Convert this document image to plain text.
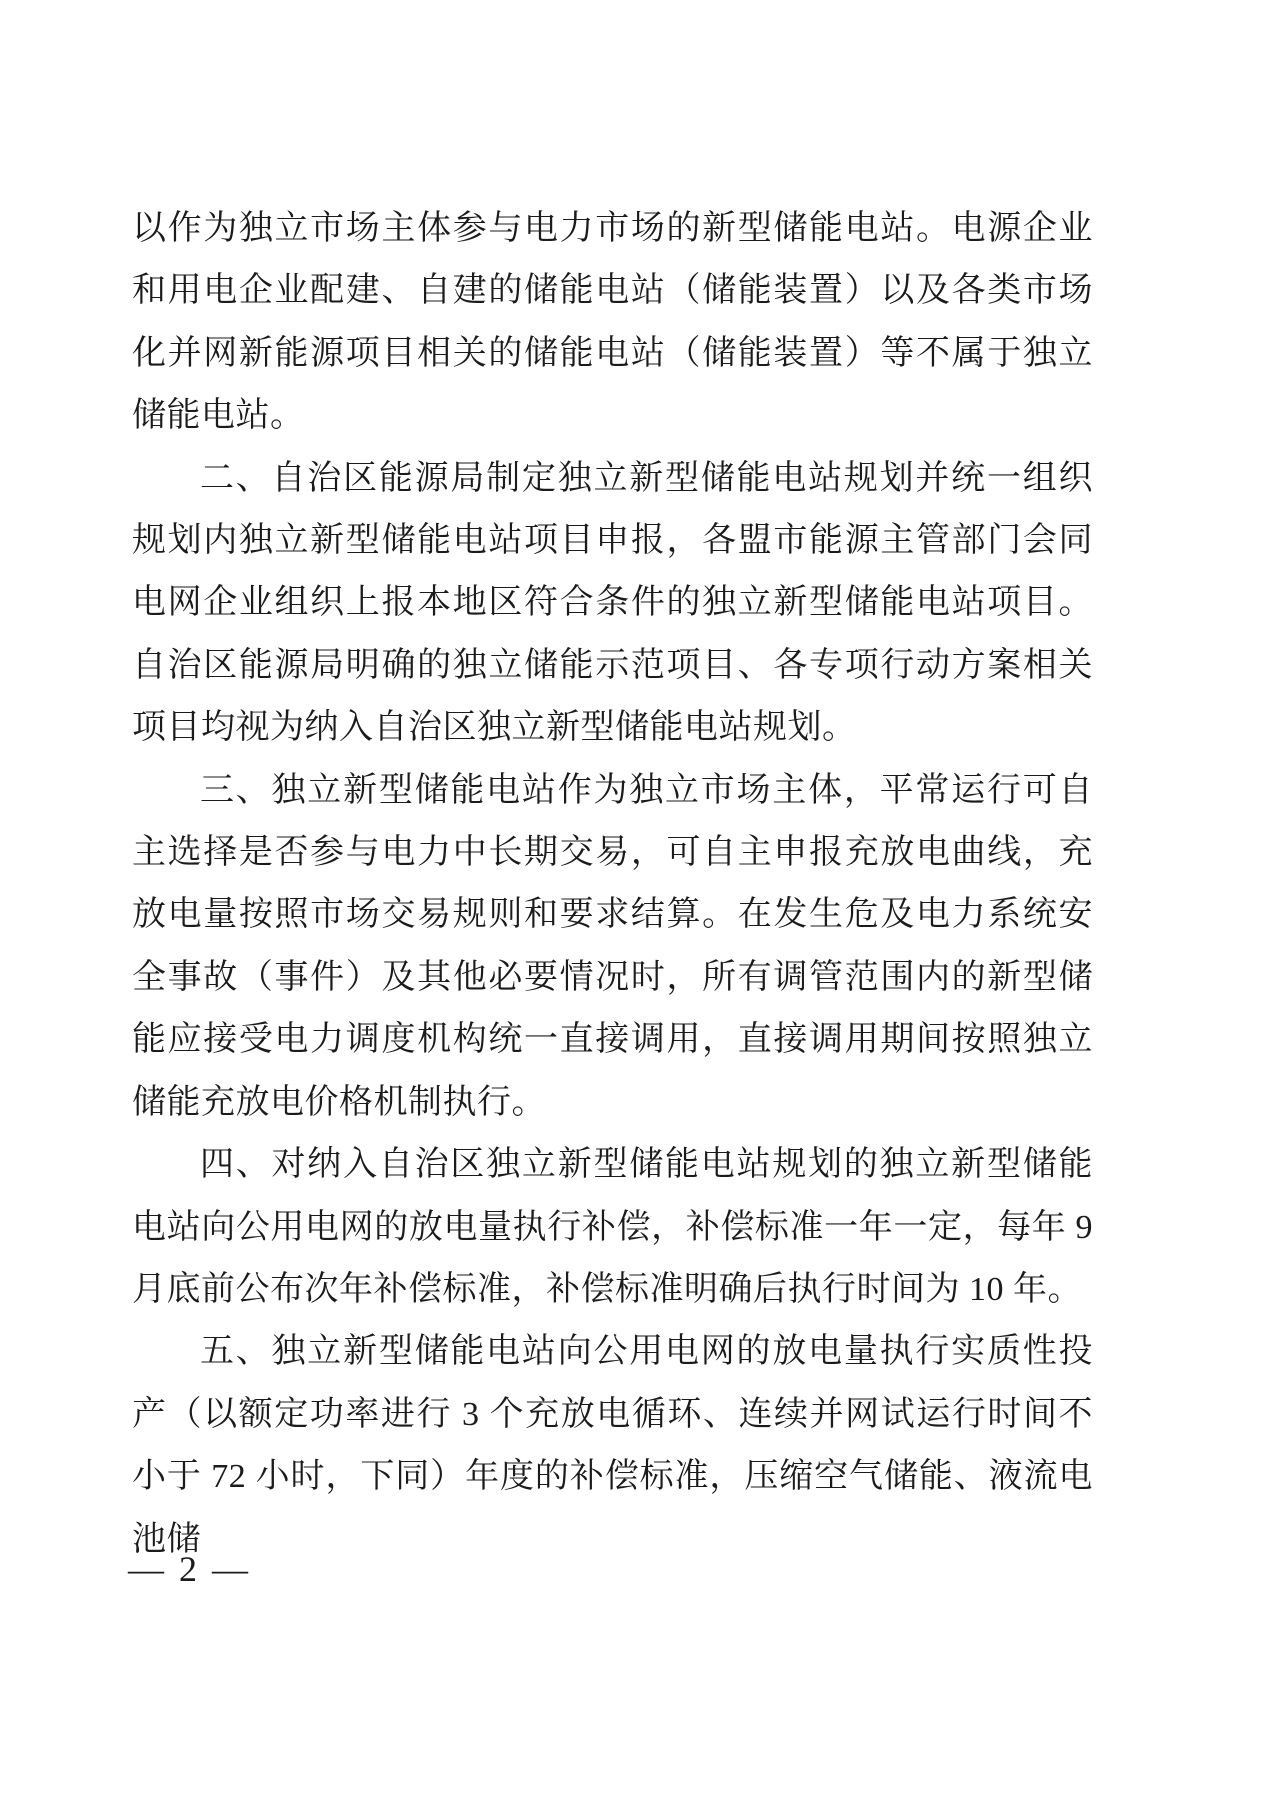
以作为独立市场主体参与电力市场的新型储能电站。电源企业和用电企业配建、自建的储能电站（储能装置）以及各类市场化并网新能源项目相关的储能电站（储能装置）等不属于独立储能电站。

二、自治区能源局制定独立新型储能电站规划并统一组织规划内独立新型储能电站项目申报，各盟市能源主管部门会同电网企业组织上报本地区符合条件的独立新型储能电站项目。自治区能源局明确的独立储能示范项目、各专项行动方案相关项目均视为纳入自治区独立新型储能电站规划。

三、独立新型储能电站作为独立市场主体，平常运行可自主选择是否参与电力中长期交易，可自主申报充放电曲线，充放电量按照市场交易规则和要求结算。在发生危及电力系统安全事故（事件）及其他必要情况时，所有调管范围内的新型储能应接受电力调度机构统一直接调用，直接调用期间按照独立储能充放电价格机制执行。

四、对纳入自治区独立新型储能电站规划的独立新型储能电站向公用电网的放电量执行补偿，补偿标准一年一定，每年 9 月底前公布次年补偿标准，补偿标准明确后执行时间为 10 年。

五、独立新型储能电站向公用电网的放电量执行实质性投产（以额定功率进行 3 个充放电循环、连续并网试运行时间不小于 72 小时，下同）年度的补偿标准，压缩空气储能、液流电池储

— 2 —
